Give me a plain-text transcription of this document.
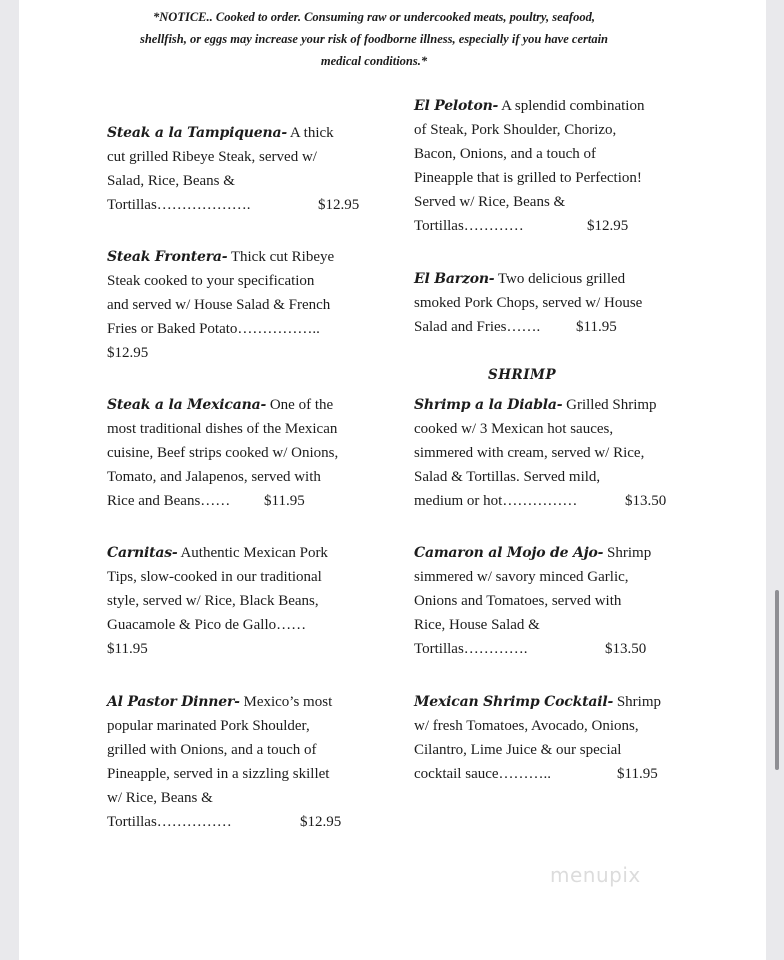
*NOTICE.. Cooked to order. Consuming raw or undercooked meats, poultry, seafood,
shellfish, or eggs may increase your risk of foodborne illness, especially if you have certain
medical conditions.*
Steak a la Tampiquena- A thick
cut grilled Ribeye Steak, served w/
Salad, Rice, Beans &
Tortillas……………….	$12.95
Steak Frontera- Thick cut Ribeye
Steak cooked to your specification
and served w/ House Salad & French
Fries or Baked Potato……………..
$12.95
Steak a la Mexicana- One of the
most traditional dishes of the Mexican
cuisine, Beef strips cooked w/ Onions,
Tomato, and Jalapenos, served with
Rice and Beans……	$11.95
Carnitas- Authentic Mexican Pork
Tips, slow-cooked in our traditional
style, served w/ Rice, Black Beans,
Guacamole & Pico de Gallo……
$11.95
Al Pastor Dinner- Mexico’s most
popular marinated Pork Shoulder,
grilled with Onions, and a touch of
Pineapple, served in a sizzling skillet
w/ Rice, Beans &
Tortillas……………	$12.95
El Peloton- A splendid combination
of Steak, Pork Shoulder, Chorizo,
Bacon, Onions, and a touch of
Pineapple that is grilled to Perfection!
Served w/ Rice, Beans &
Tortillas…………	$12.95
El Barzon- Two delicious grilled
smoked Pork Chops, served w/ House
Salad and Fries…….	$11.95
SHRIMP
Shrimp a la Diabla- Grilled Shrimp
cooked w/ 3 Mexican hot sauces,
simmered with cream, served w/ Rice,
Salad & Tortillas. Served mild,
medium or hot……………	$13.50
Camaron al Mojo de Ajo- Shrimp
simmered w/ savory minced Garlic,
Onions and Tomatoes, served with
Rice, House Salad &
Tortillas………….	$13.50
Mexican Shrimp Cocktail- Shrimp
w/ fresh Tomatoes, Avocado, Onions,
Cilantro, Lime Juice & our special
cocktail sauce………..	$11.95
menupix
